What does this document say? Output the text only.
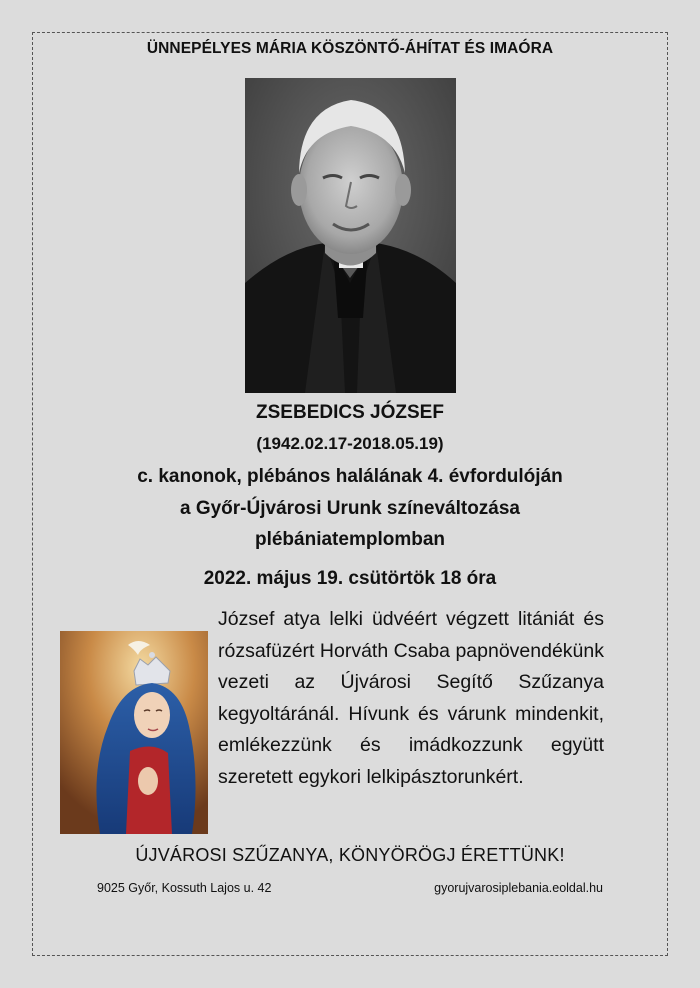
ÜNNEPÉLYES MÁRIA KÖSZÖNTŐ-ÁHÍTAT ÉS IMAÓRA
ZSEBEDICS JÓZSEF
(1942.02.17-2018.05.19)
c. kanonok, plébános halálának 4. évfordulóján
a Győr-Újvárosi Urunk színeváltozása
plébániatemplomban
2022. május 19. csütörtök 18 óra
József atya lelki üdvéért végzett litániát és rózsafüzért Horváth Csaba papnövendékünk vezeti az Újvárosi Segítő Szűzanya kegyoltáránál. Hívunk és várunk mindenkit, emlékezzünk és imádkozzunk együtt szeretett egykori lelkipásztorunkért.
ÚJVÁROSI SZŰZANYA, KÖNYÖRÖGJ ÉRETTÜNK!
9025 Győr, Kossuth Lajos u. 42	gyorujvarosiplebania.eoldal.hu
